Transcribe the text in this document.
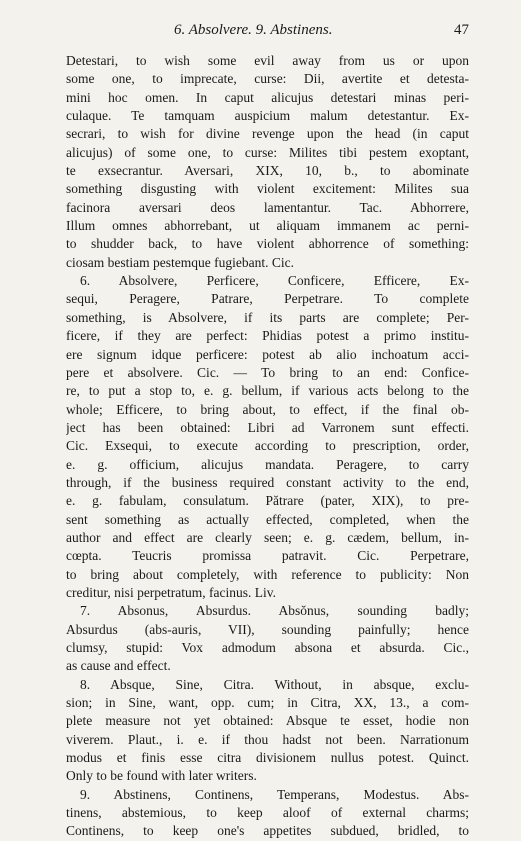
6. Absolvere. 9. Abstinens.	47
Detestari, to wish some evil away from us or upon
some one, to imprecate, curse: Dii, avertite et detesta-
mini hoc omen. In caput alicujus detestari minas peri-
culaque. Te tamquam auspicium malum detestantur. Ex-
secrari, to wish for divine revenge upon the head (in caput
alicujus) of some one, to curse: Milites tibi pestem exoptant,
te exsecrantur. Aversari, XIX, 10, b., to abominate
something disgusting with violent excitement: Milites sua
facinora aversari deos lamentantur. Tac. Abhorrere,
Illum omnes abhorrebant, ut aliquam immanem ac perni-
to shudder back, to have violent abhorrence of something:
ciosam bestiam pestemque fugiebant. Cic.
6. Absolvere, Perficere, Conficere, Efficere, Ex-
sequi, Peragere, Patrare, Perpetrare. To complete
something, is Absolvere, if its parts are complete; Per-
ficere, if they are perfect: Phidias potest a primo institu-
ere signum idque perficere: potest ab alio inchoatum acci-
pere et absolvere. Cic. — To bring to an end: Confice-
re, to put a stop to, e. g. bellum, if various acts belong to the
whole; Efficere, to bring about, to effect, if the final ob-
ject has been obtained: Libri ad Varronem sunt effecti.
Cic. Exsequi, to execute according to prescription, order,
e. g. officium, alicujus mandata. Peragere, to carry
through, if the business required constant activity to the end,
e. g. fabulam, consulatum. Pătrare (pater, XIX), to pre-
sent something as actually effected, completed, when the
author and effect are clearly seen; e. g. cædem, bellum, in-
cœpta. Teucris promissa patravit. Cic. Perpetrare,
to bring about completely, with reference to publicity: Non
creditur, nisi perpetratum, facinus. Liv.
7. Absonus, Absurdus. Absŏnus, sounding badly;
Absurdus (abs-auris, VII), sounding painfully; hence
clumsy, stupid: Vox admodum absona et absurda. Cic.,
as cause and effect.
8. Absque, Sine, Citra. Without, in absque, exclu-
sion; in Sine, want, opp. cum; in Citra, XX, 13., a com-
plete measure not yet obtained: Absque te esset, hodie non
viverem. Plaut., i. e. if thou hadst not been. Narrationum
modus et finis esse citra divisionem nullus potest. Quinct.
Only to be found with later writers.
9. Abstinens, Continens, Temperans, Modestus. Abs-
tinens, abstemious, to keep aloof of external charms;
Continens, to keep one's appetites subdued, bridled, to
